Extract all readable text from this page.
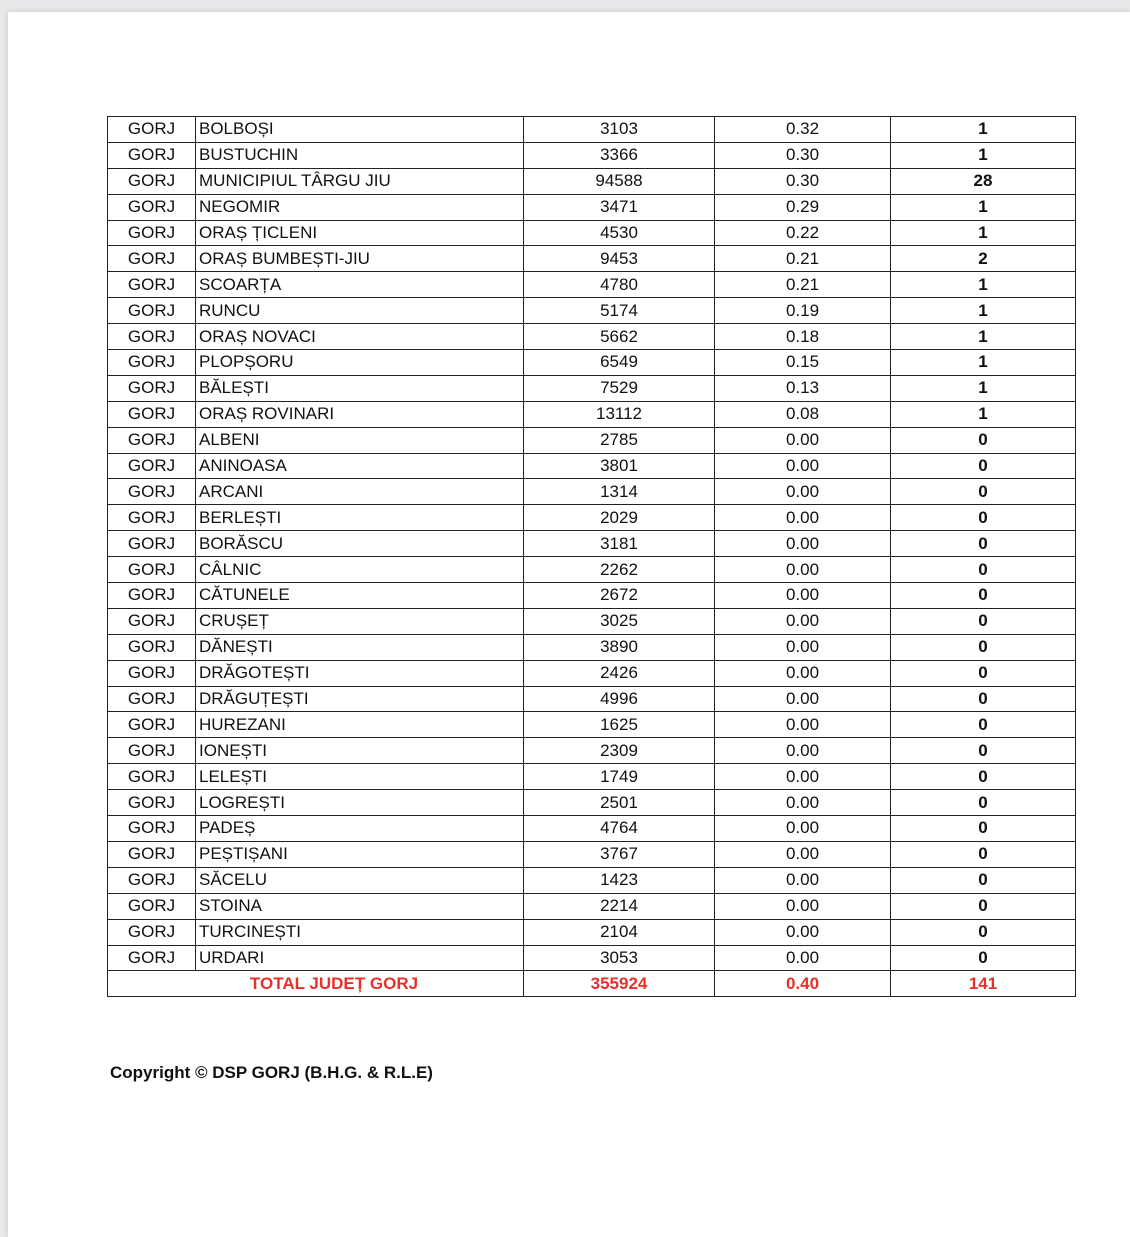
GORJ	BOLBOȘI	3103	0.32	1
GORJ	BUSTUCHIN	3366	0.30	1
GORJ	MUNICIPIUL TÂRGU JIU	94588	0.30	28
GORJ	NEGOMIR	3471	0.29	1
GORJ	ORAȘ ȚICLENI	4530	0.22	1
GORJ	ORAȘ BUMBEȘTI-JIU	9453	0.21	2
GORJ	SCOARȚA	4780	0.21	1
GORJ	RUNCU	5174	0.19	1
GORJ	ORAȘ NOVACI	5662	0.18	1
GORJ	PLOPȘORU	6549	0.15	1
GORJ	BĂLEȘTI	7529	0.13	1
GORJ	ORAȘ ROVINARI	13112	0.08	1
GORJ	ALBENI	2785	0.00	0
GORJ	ANINOASA	3801	0.00	0
GORJ	ARCANI	1314	0.00	0
GORJ	BERLEȘTI	2029	0.00	0
GORJ	BORĂSCU	3181	0.00	0
GORJ	CÂLNIC	2262	0.00	0
GORJ	CĂTUNELE	2672	0.00	0
GORJ	CRUȘEȚ	3025	0.00	0
GORJ	DĂNEȘTI	3890	0.00	0
GORJ	DRĂGOTEȘTI	2426	0.00	0
GORJ	DRĂGUȚEȘTI	4996	0.00	0
GORJ	HUREZANI	1625	0.00	0
GORJ	IONEȘTI	2309	0.00	0
GORJ	LELEȘTI	1749	0.00	0
GORJ	LOGREȘTI	2501	0.00	0
GORJ	PADEȘ	4764	0.00	0
GORJ	PEȘTIȘANI	3767	0.00	0
GORJ	SĂCELU	1423	0.00	0
GORJ	STOINA	2214	0.00	0
GORJ	TURCINEȘTI	2104	0.00	0
GORJ	URDARI	3053	0.00	0
TOTAL JUDEȚ GORJ		355924	0.40	141
Copyright © DSP GORJ (B.H.G. & R.L.E)
